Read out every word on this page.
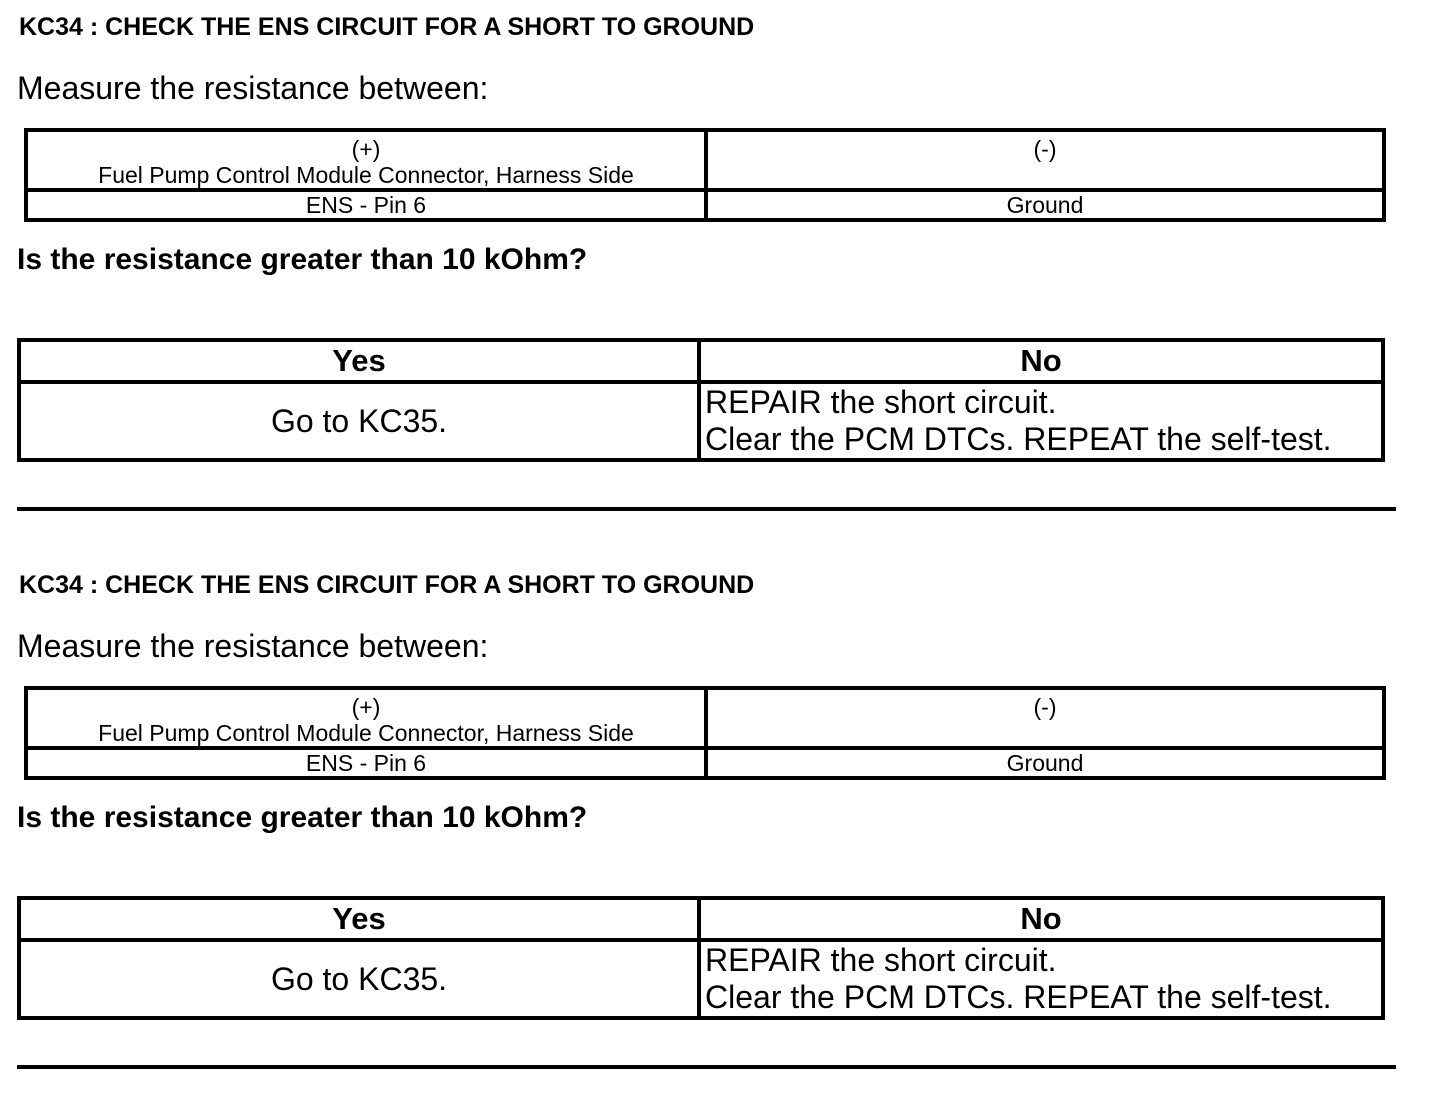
KC34 : CHECK THE ENS CIRCUIT FOR A SHORT TO GROUND

Measure the resistance between:

(+)
Fuel Pump Control Module Connector, Harness Side	(-)

ENS - Pin 6	Ground

Is the resistance greater than 10 kOhm?

Yes	No
Go to KC35.	REPAIR the short circuit.
Clear the PCM DTCs. REPEAT the self-test.
KC34 : CHECK THE ENS CIRCUIT FOR A SHORT TO GROUND

Measure the resistance between:

(+)
Fuel Pump Control Module Connector, Harness Side	(-)

ENS - Pin 6	Ground

Is the resistance greater than 10 kOhm?

Yes	No
Go to KC35.	REPAIR the short circuit.
Clear the PCM DTCs. REPEAT the self-test.
